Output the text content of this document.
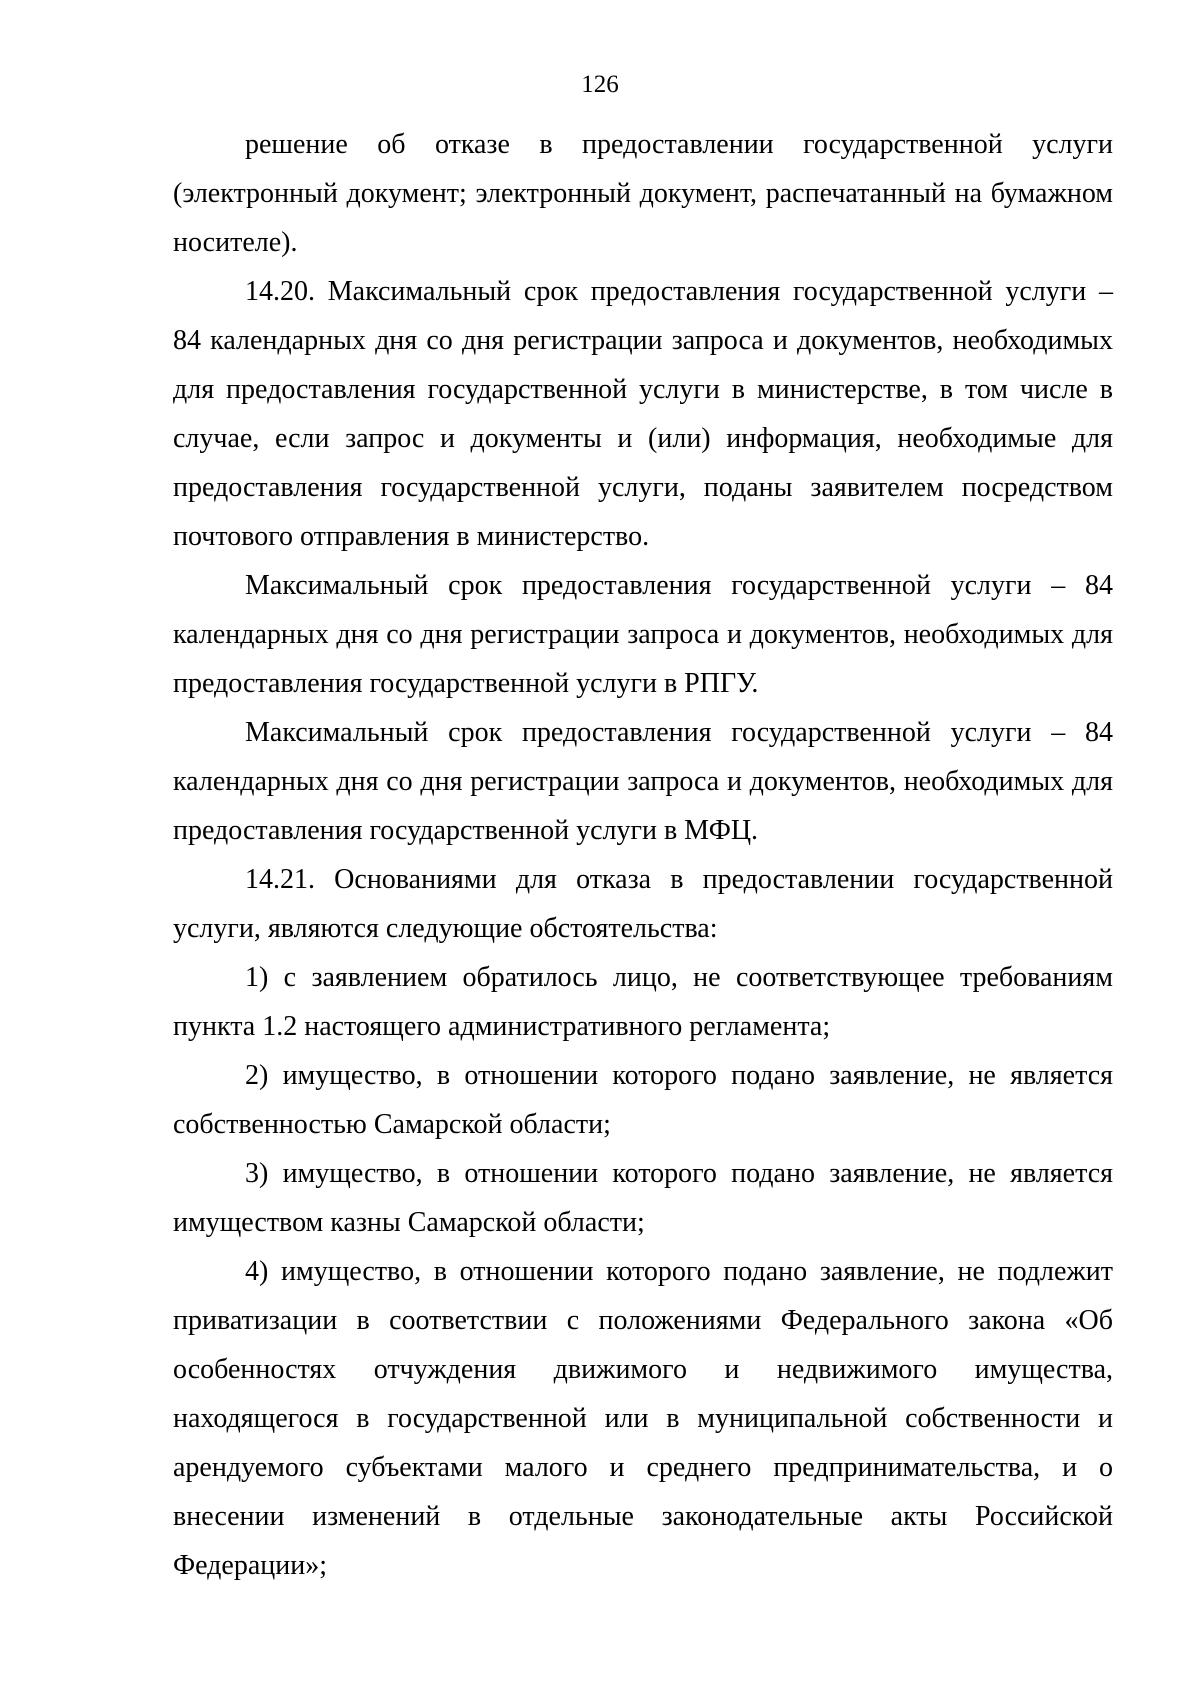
126

решение об отказе в предоставлении государственной услуги (электронный документ; электронный документ, распечатанный на бумажном носителе).

14.20. Максимальный срок предоставления государственной услуги – 84 календарных дня со дня регистрации запроса и документов, необходимых для предоставления государственной услуги в министерстве, в том числе в случае, если запрос и документы и (или) информация, необходимые для предоставления государственной услуги, поданы заявителем посредством почтового отправления в министерство.

Максимальный срок предоставления государственной услуги – 84 календарных дня со дня регистрации запроса и документов, необходимых для предоставления государственной услуги в РПГУ.

Максимальный срок предоставления государственной услуги – 84 календарных дня со дня регистрации запроса и документов, необходимых для предоставления государственной услуги в МФЦ.

14.21. Основаниями для отказа в предоставлении государственной услуги, являются следующие обстоятельства:

1) с заявлением обратилось лицо, не соответствующее требованиям пункта 1.2 настоящего административного регламента;

2) имущество, в отношении которого подано заявление, не является собственностью Самарской области;

3) имущество, в отношении которого подано заявление, не является имуществом казны Самарской области;

4) имущество, в отношении которого подано заявление, не подлежит приватизации в соответствии с положениями Федерального закона «Об особенностях отчуждения движимого и недвижимого имущества, находящегося в государственной или в муниципальной собственности и арендуемого субъектами малого и среднего предпринимательства, и о внесении изменений в отдельные законодательные акты Российской Федерации»;
